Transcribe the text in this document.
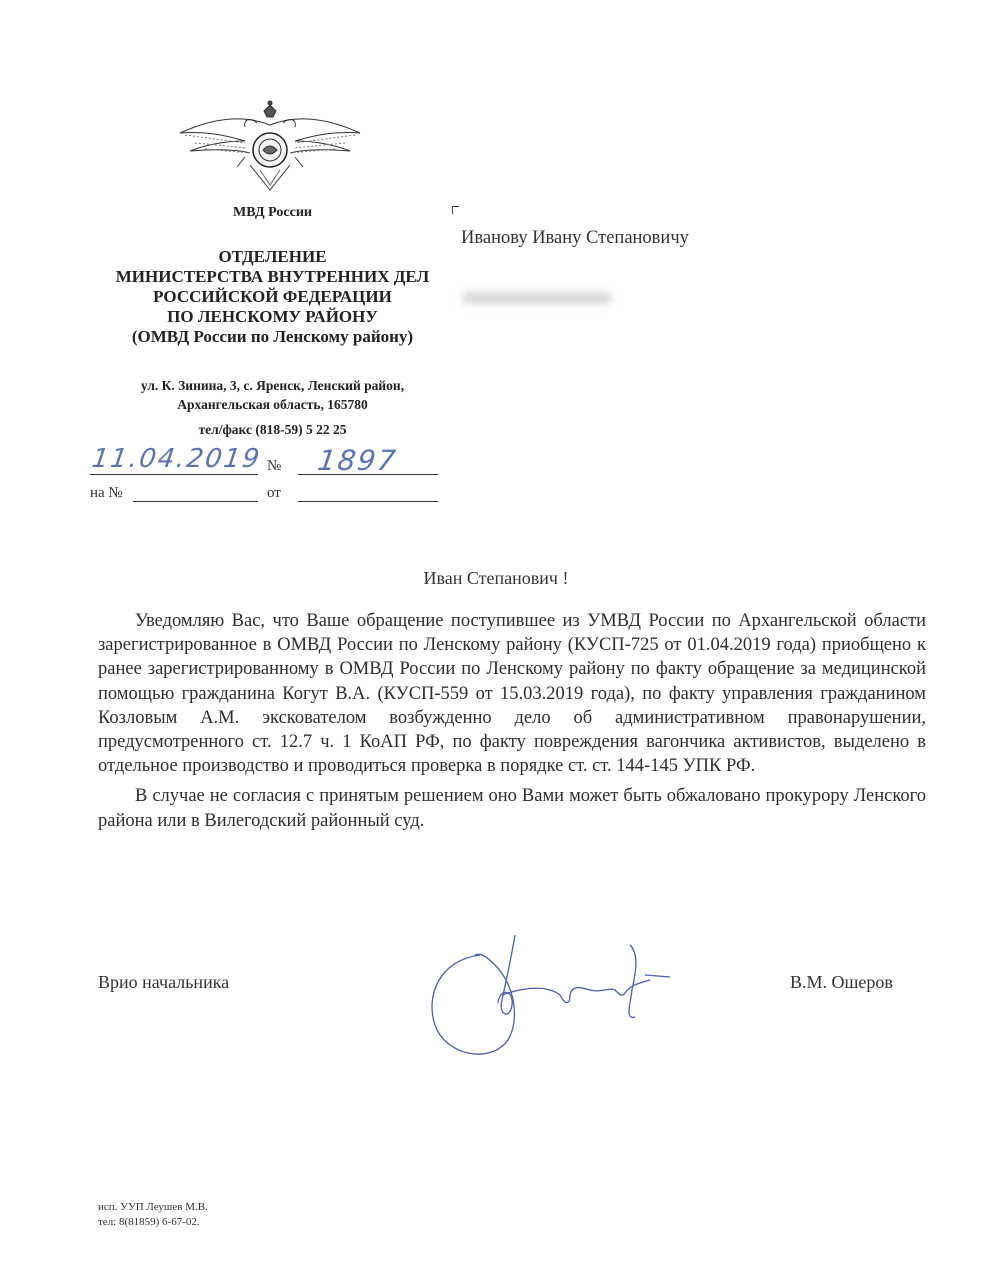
МВД России
ОТДЕЛЕНИЕ
МИНИСТЕРСТВА ВНУТРЕННИХ ДЕЛ
РОССИЙСКОЙ ФЕДЕРАЦИИ
ПО ЛЕНСКОМУ РАЙОНУ
(ОМВД России по Ленскому району)
ул. К. Зинина, 3, с. Яренск, Ленский район,
Архангельская область, 165780
тел/факс (818-59) 5 22 25
11.04.2019 № 1897
на №	от
Иванову Ивану Степановичу
Иван Степанович !

Уведомляю Вас, что Ваше обращение поступившее из УМВД России по Архангельской области зарегистрированное в ОМВД России по Ленскому району (КУСП-725 от 01.04.2019 года) приобщено к ранее зарегистрированному в ОМВД России по Ленскому району по факту обращение за медицинской помощью гражданина Когут В.А. (КУСП-559 от 15.03.2019 года), по факту управления гражданином Козловым А.М. экскователом возбужденно дело об административном правонарушении, предусмотренного ст. 12.7 ч. 1 КоАП РФ, по факту повреждения вагончика активистов, выделено в отдельное производство и проводиться проверка в порядке ст. ст. 144-145 УПК РФ.

В случае не согласия с принятым решением оно Вами может быть обжаловано прокурору Ленского района или в Вилегодский районный суд.

Врио начальника	В.М. Ошеров
исп. УУП Леушев М.В.
тел: 8(81859) 6-67-02.
